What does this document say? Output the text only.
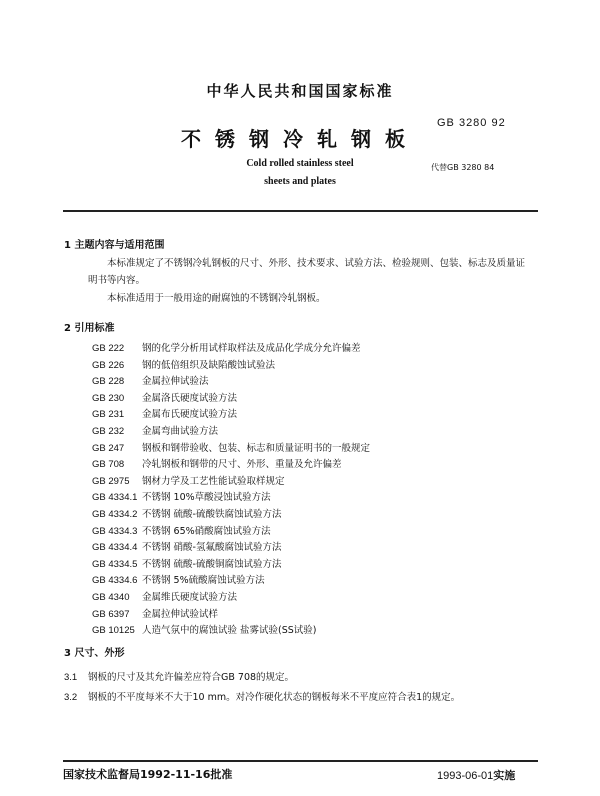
中华人民共和国国家标准
GB 3280 92
不锈钢冷轧钢板
Cold rolled stainless steel
sheets and plates
代替GB 3280 84
1 主题内容与适用范围
本标准规定了不锈钢冷轧钢板的尺寸、外形、技术要求、试验方法、检验规则、包装、标志及质量证明书等内容。
本标准适用于一般用途的耐腐蚀的不锈钢冷轧钢板。
2 引用标准
GB 222 钢的化学分析用试样取样法及成品化学成分允许偏差
GB 226 钢的低倍组织及缺陷酸蚀试验法
GB 228 金属拉伸试验法
GB 230 金属洛氏硬度试验方法
GB 231 金属布氏硬度试验方法
GB 232 金属弯曲试验方法
GB 247 钢板和钢带验收、包装、标志和质量证明书的一般规定
GB 708 冷轧钢板和钢带的尺寸、外形、重量及允许偏差
GB 2975 钢材力学及工艺性能试验取样规定
GB 4334.1 不锈钢 10%草酸浸蚀试验方法
GB 4334.2 不锈钢 硫酸-硫酸铁腐蚀试验方法
GB 4334.3 不锈钢 65%硝酸腐蚀试验方法
GB 4334.4 不锈钢 硝酸-氢氟酸腐蚀试验方法
GB 4334.5 不锈钢 硫酸-硫酸铜腐蚀试验方法
GB 4334.6 不锈钢 5%硫酸腐蚀试验方法
GB 4340 金属维氏硬度试验方法
GB 6397 金属拉伸试验试样
GB 10125 人造气氛中的腐蚀试验 盐雾试验(SS试验)
3 尺寸、外形
3.1 钢板的尺寸及其允许偏差应符合GB 708的规定。
3.2 钢板的不平度每米不大于10 mm。对冷作硬化状态的钢板每米不平度应符合表1的规定。
国家技术监督局1992-11-16批准	1993-06-01实施
